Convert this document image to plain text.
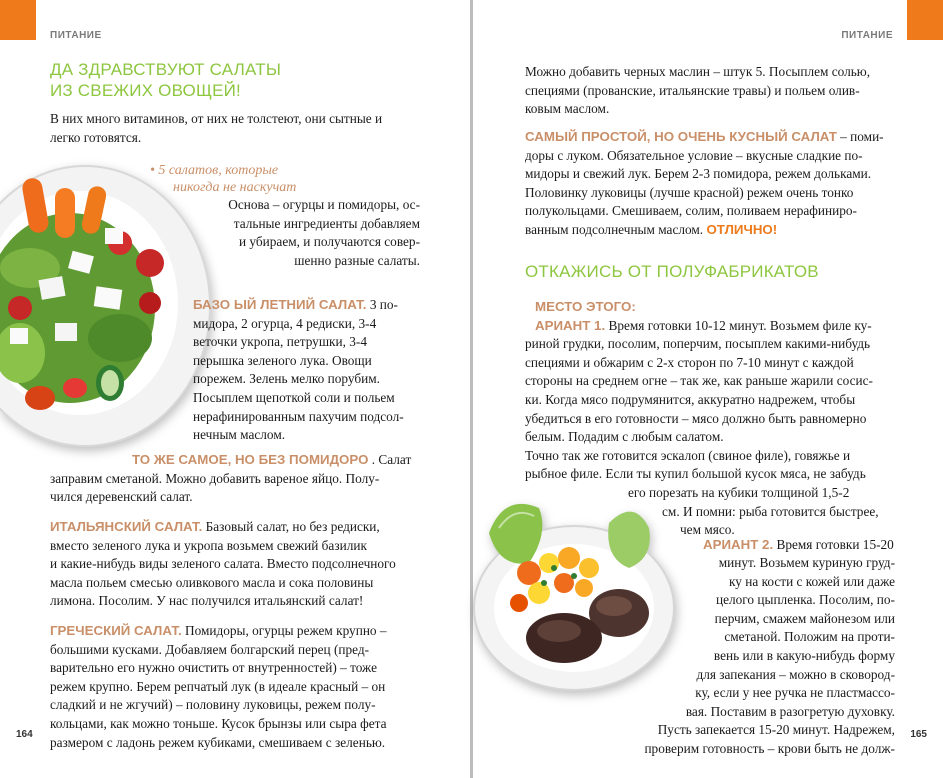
ПИТАНИЕ
ДА ЗДРАВСТВУЮТ САЛАТЫ
ИЗ СВЕЖИХ ОВОЩЕЙ!

В них много витаминов, от них не толстеют, они сытные и

легко готовятся.

• 5 салатов, которые
никогда не наскучат

Основа – огурцы и помидоры, ос-

тальные ингредиенты добавляем

и убираем, и получаются совер-

шенно разные салаты.

БАЗО ЫЙ ЛЕТНИЙ САЛАТ. 3 по-

мидора, 2 огурца, 4 редиски, 3-4

веточки укропа, петрушки, 3-4

перышка зеленого лука. Овощи

порежем. Зелень мелко порубим.

Посыплем щепоткой соли и польем

нерафинированным пахучим подсол-

нечным маслом.

ТО ЖЕ САМОЕ, НО БЕЗ ПОМИДОРО . Салат

заправим сметаной. Можно добавить вареное яйцо. Полу-

чился деревенский салат.

ИТАЛЬЯНСКИЙ САЛАТ. Базовый салат, но без редиски,

вместо зеленого лука и укропа возьмем свежий базилик

и какие-нибудь виды зеленого салата. Вместо подсолнечного

масла польем смесью оливкового масла и сока половины

лимона. Посолим. У нас получился итальянский салат!

ГРЕЧЕСКИЙ САЛАТ. Помидоры, огурцы режем крупно –

большими кусками. Добавляем болгарский перец (пред-

варительно его нужно очистить от внутренностей) – тоже

режем крупно. Берем репчатый лук (в идеале красный – он

сладкий и не жгучий) – половину луковицы, режем полу-

кольцами, как можно тоньше. Кусок брынзы или сыра фета

размером с ладонь режем кубиками, смешиваем с зеленью.

164
ПИТАНИЕ

Можно добавить черных маслин – штук 5. Посыплем солью,

специями (прованские, итальянские травы) и польем олив-

ковым маслом.

САМЫЙ ПРОСТОЙ, НО ОЧЕНЬ КУСНЫЙ САЛАТ – поми-

доры с луком. Обязательное условие – вкусные сладкие по-

мидоры и свежий лук. Берем 2-3 помидора, режем дольками.

Половинку луковицы (лучше красной) режем очень тонко

полукольцами. Смешиваем, солим, поливаем нерафиниро-

ванным подсолнечным маслом. ОТЛИЧНО!

ОТКАЖИСЬ ОТ ПОЛУФАБРИКАТОВ

МЕСТО ЭТОГО:

АРИАНТ 1. Время готовки 10-12 минут. Возьмем филе ку-

риной грудки, посолим, поперчим, посыплем какими-нибудь

специями и обжарим с 2-х сторон по 7-10 минут с каждой

стороны на среднем огне – так же, как раньше жарили сосис-

ки. Когда мясо подрумянится, аккуратно надрежем, чтобы

убедиться в его готовности – мясо должно быть равномерно

белым. Подадим с любым салатом.

Точно так же готовится эскалоп (свиное филе), говяжье и

рыбное филе. Если ты купил большой кусок мяса, не забудь

его порезать на кубики толщиной 1,5-2

см. И помни: рыба готовится быстрее,

чем мясо.

АРИАНТ 2. Время готовки 15-20

минут. Возьмем куриную груд-

ку на кости с кожей или даже

целого цыпленка. Посолим, по-

перчим, смажем майонезом или

сметаной. Положим на проти-

вень или в какую-нибудь форму

для запекания – можно в сковород-

ку, если у нее ручка не пластмассо-

вая. Поставим в разогретую духовку.

Пусть запекается 15-20 минут. Надрежем,

проверим готовность – крови быть не долж-

165
